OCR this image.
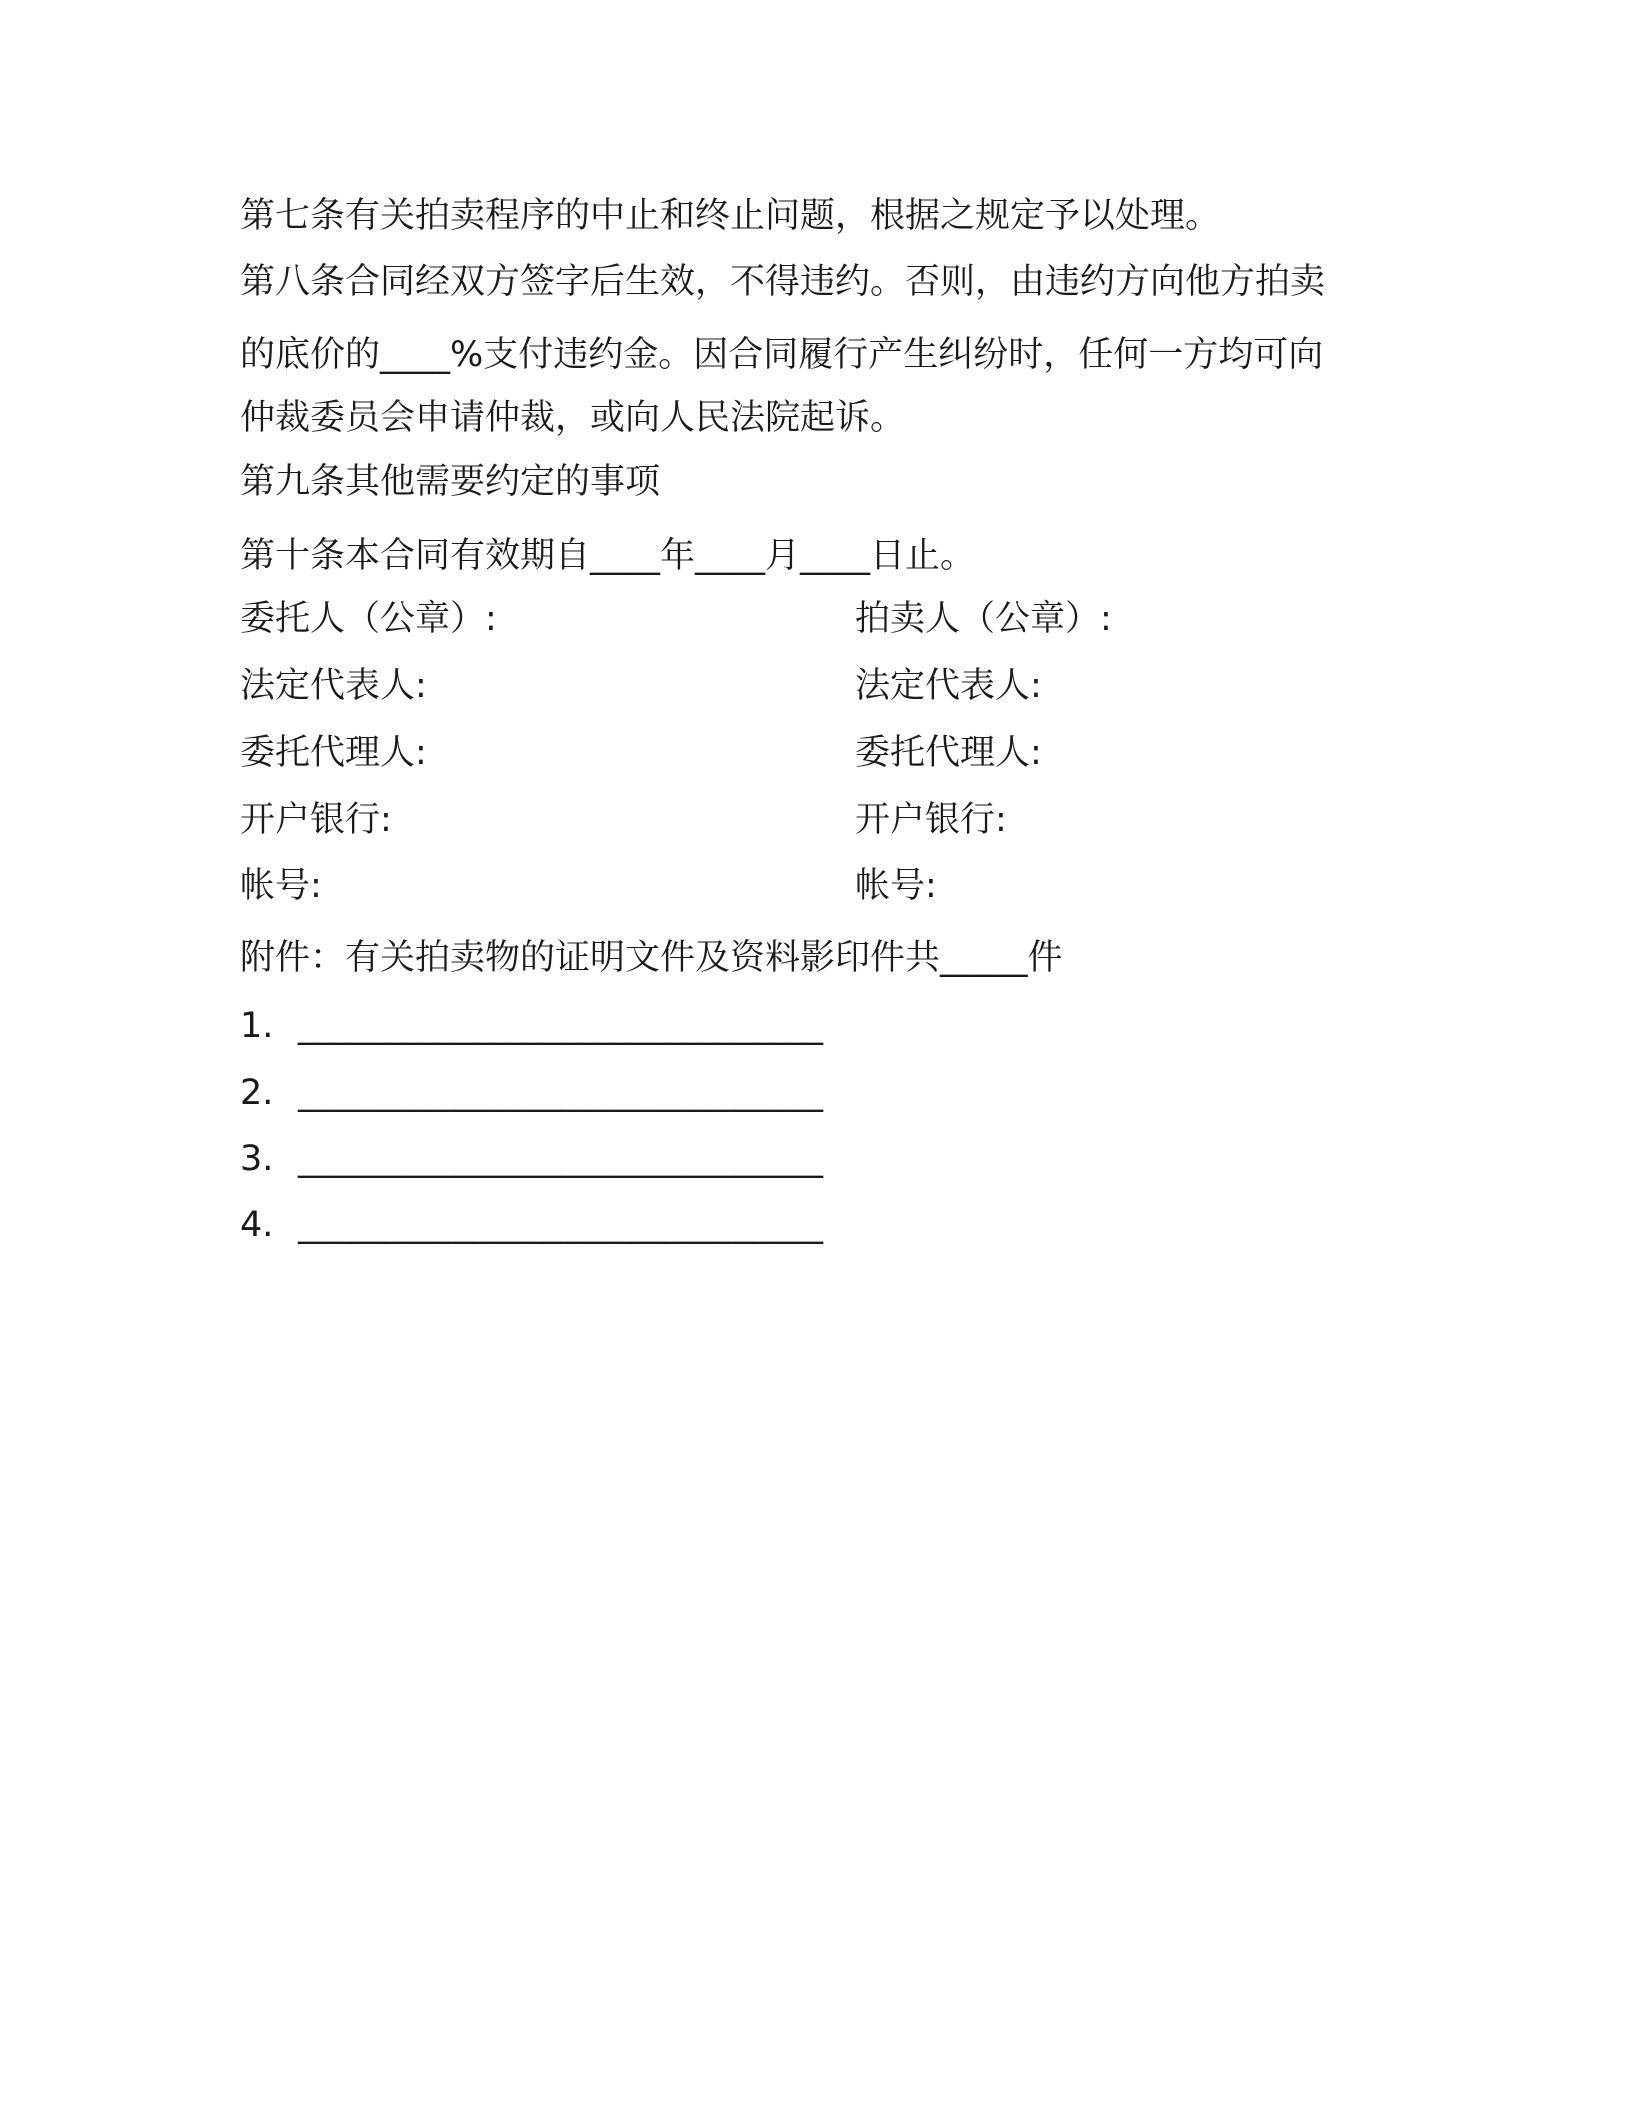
第七条有关拍卖程序的中止和终止问题，根据之规定予以处理。
第八条合同经双方签字后生效，不得违约。否则，由违约方向他方拍卖
的底价的____%支付违约金。因合同履行产生纠纷时，任何一方均可向
仲裁委员会申请仲裁，或向人民法院起诉。
第九条其他需要约定的事项
第十条本合同有效期自____年____月____日止。
委托人（公章）:	拍卖人（公章）:
法定代表人:	法定代表人:
委托代理人:	委托代理人:
开户银行:	开户银行:
帐号:	帐号:
附件：有关拍卖物的证明文件及资料影印件共_____件
1. ______________________________
2. ______________________________
3. ______________________________
4. ______________________________
